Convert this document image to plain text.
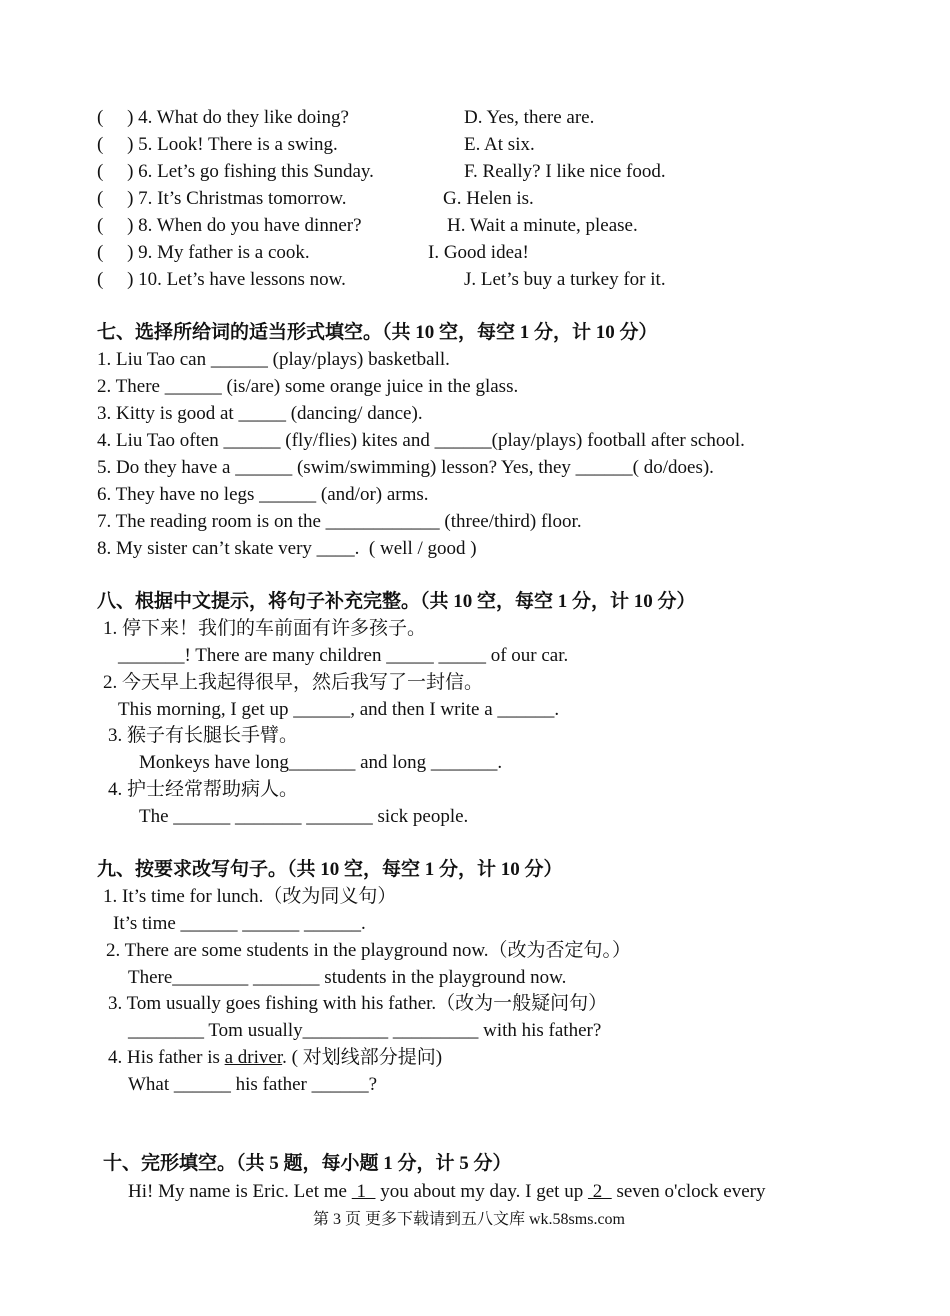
(     ) 4. What do they like doing?	D. Yes, there are.
(     ) 5. Look! There is a swing.	E. At six.
(     ) 6. Let’s go fishing this Sunday.	F. Really? I like nice food.
(     ) 7. It’s Christmas tomorrow.	G. Helen is.
(     ) 8. When do you have dinner?	H. Wait a minute, please.
(     ) 9. My father is a cook.	I. Good idea!
(     ) 10. Let’s have lessons now.	J. Let’s buy a turkey for it.
七、选择所给词的适当形式填空。（共 10 空，每空 1 分，计 10 分）
1. Liu Tao can ______ (play/plays) basketball.
2. There ______ (is/are) some orange juice in the glass.
3. Kitty is good at _____ (dancing/ dance).
4. Liu Tao often ______ (fly/flies) kites and ______(play/plays) football after school.
5. Do they have a ______ (swim/swimming) lesson? Yes, they ______( do/does).
6. They have no legs ______ (and/or) arms.
7. The reading room is on the ____________ (three/third) floor.
8. My sister can’t skate very ____.  ( well / good )
八、根据中文提示，将句子补充完整。（共 10 空，每空 1 分，计 10 分）
1. 停下来！我们的车前面有许多孩子。
_______! There are many children _____ _____ of our car.
2. 今天早上我起得很早，然后我写了一封信。
This morning, I get up ______, and then I write a ______.
3. 猴子有长腿长手臂。
Monkeys have long_______ and long _______.
4. 护士经常帮助病人。
The ______ _______ _______ sick people.
九、按要求改写句子。（共 10 空，每空 1 分，计 10 分）
1. It’s time for lunch.（改为同义句）
It’s time ______ ______ ______.
2. There are some students in the playground now.（改为否定句。）
There________ _______ students in the playground now.
3. Tom usually goes fishing with his father.（改为一般疑问句）
________ Tom usually_________ _________ with his father?
4. His father is a driver. ( 对划线部分提问)
What ______ his father ______?
十、完形填空。（共 5 题，每小题 1 分，计 5 分）
Hi! My name is Eric. Let me  1   you about my day. I get up  2   seven o'clock every
第 3 页 更多下载请到五八文库 wk.58sms.com
